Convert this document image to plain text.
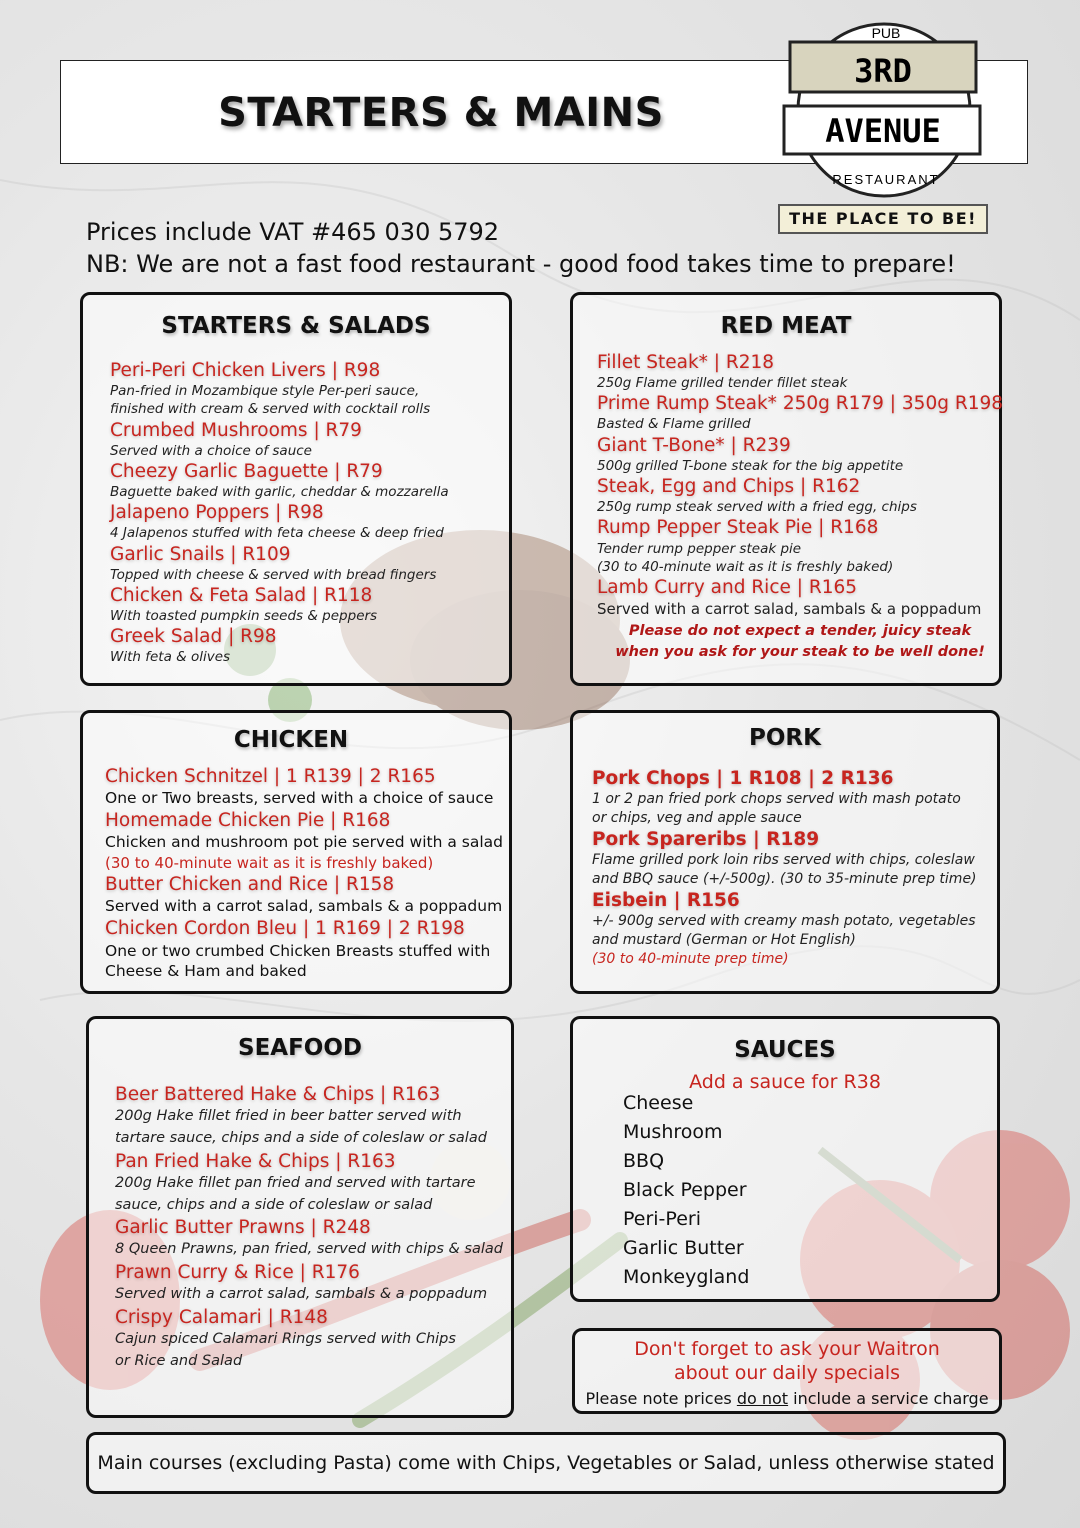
STARTERS & MAINS
PUB
3RD
AVENUE
RESTAURANT
THE PLACE TO BE!
Prices include VAT #465 030 5792
NB: We are not a fast food restaurant - good food takes time to prepare!
STARTERS & SALADS
Peri-Peri Chicken Livers | R98
Pan-fried in Mozambique style Per-peri sauce,
finished with cream & served with cocktail rolls
Crumbed Mushrooms | R79
Served with a choice of sauce
Cheezy Garlic Baguette | R79
Baguette baked with garlic, cheddar & mozzarella
Jalapeno Poppers | R98
4 Jalapenos stuffed with feta cheese & deep fried
Garlic Snails | R109
Topped with cheese & served with bread fingers
Chicken & Feta Salad | R118
With toasted pumpkin seeds & peppers
Greek Salad | R98
With feta & olives
RED MEAT
Fillet Steak* | R218
250g Flame grilled tender fillet steak
Prime Rump Steak* 250g R179 | 350g R198
Basted & Flame grilled
Giant T-Bone* | R239
500g grilled T-bone steak for the big appetite
Steak, Egg and Chips | R162
250g rump steak served with a fried egg, chips
Rump Pepper Steak Pie | R168
Tender rump pepper steak pie
(30 to 40-minute wait as it is freshly baked)
Lamb Curry and Rice | R165
Served with a carrot salad, sambals & a poppadum
Please do not expect a tender, juicy steak
when you ask for your steak to be well done!
CHICKEN
Chicken Schnitzel | 1 R139 | 2 R165
One or Two breasts, served with a choice of sauce
Homemade Chicken Pie | R168
Chicken and mushroom pot pie served with a salad
(30 to 40-minute wait as it is freshly baked)
Butter Chicken and Rice | R158
Served with a carrot salad, sambals & a poppadum
Chicken Cordon Bleu | 1 R169 | 2 R198
One or two crumbed Chicken Breasts stuffed with
Cheese & Ham and baked
PORK
Pork Chops | 1 R108 | 2 R136
1 or 2 pan fried pork chops served with mash potato
or chips, veg and apple sauce
Pork Spareribs | R189
Flame grilled pork loin ribs served with chips, coleslaw
and BBQ sauce (+/-500g). (30 to 35-minute prep time)
Eisbein | R156
+/- 900g served with creamy mash potato, vegetables
and mustard (German or Hot English)
(30 to 40-minute prep time)
SEAFOOD
Beer Battered Hake & Chips | R163
200g Hake fillet fried in beer batter served with
tartare sauce, chips and a side of coleslaw or salad
Pan Fried Hake & Chips | R163
200g Hake fillet pan fried and served with tartare
sauce, chips and a side of coleslaw or salad
Garlic Butter Prawns | R248
8 Queen Prawns, pan fried, served with chips & salad
Prawn Curry & Rice | R176
Served with a carrot salad, sambals & a poppadum
Crispy Calamari | R148
Cajun spiced Calamari Rings served with Chips
or Rice and Salad
SAUCES
Add a sauce for R38
Cheese
Mushroom
BBQ
Black Pepper
Peri-Peri
Garlic Butter
Monkeygland
Don't forget to ask your Waitron
about our daily specials
Please note prices do not include a service charge
Main courses (excluding Pasta) come with Chips, Vegetables or Salad, unless otherwise stated
